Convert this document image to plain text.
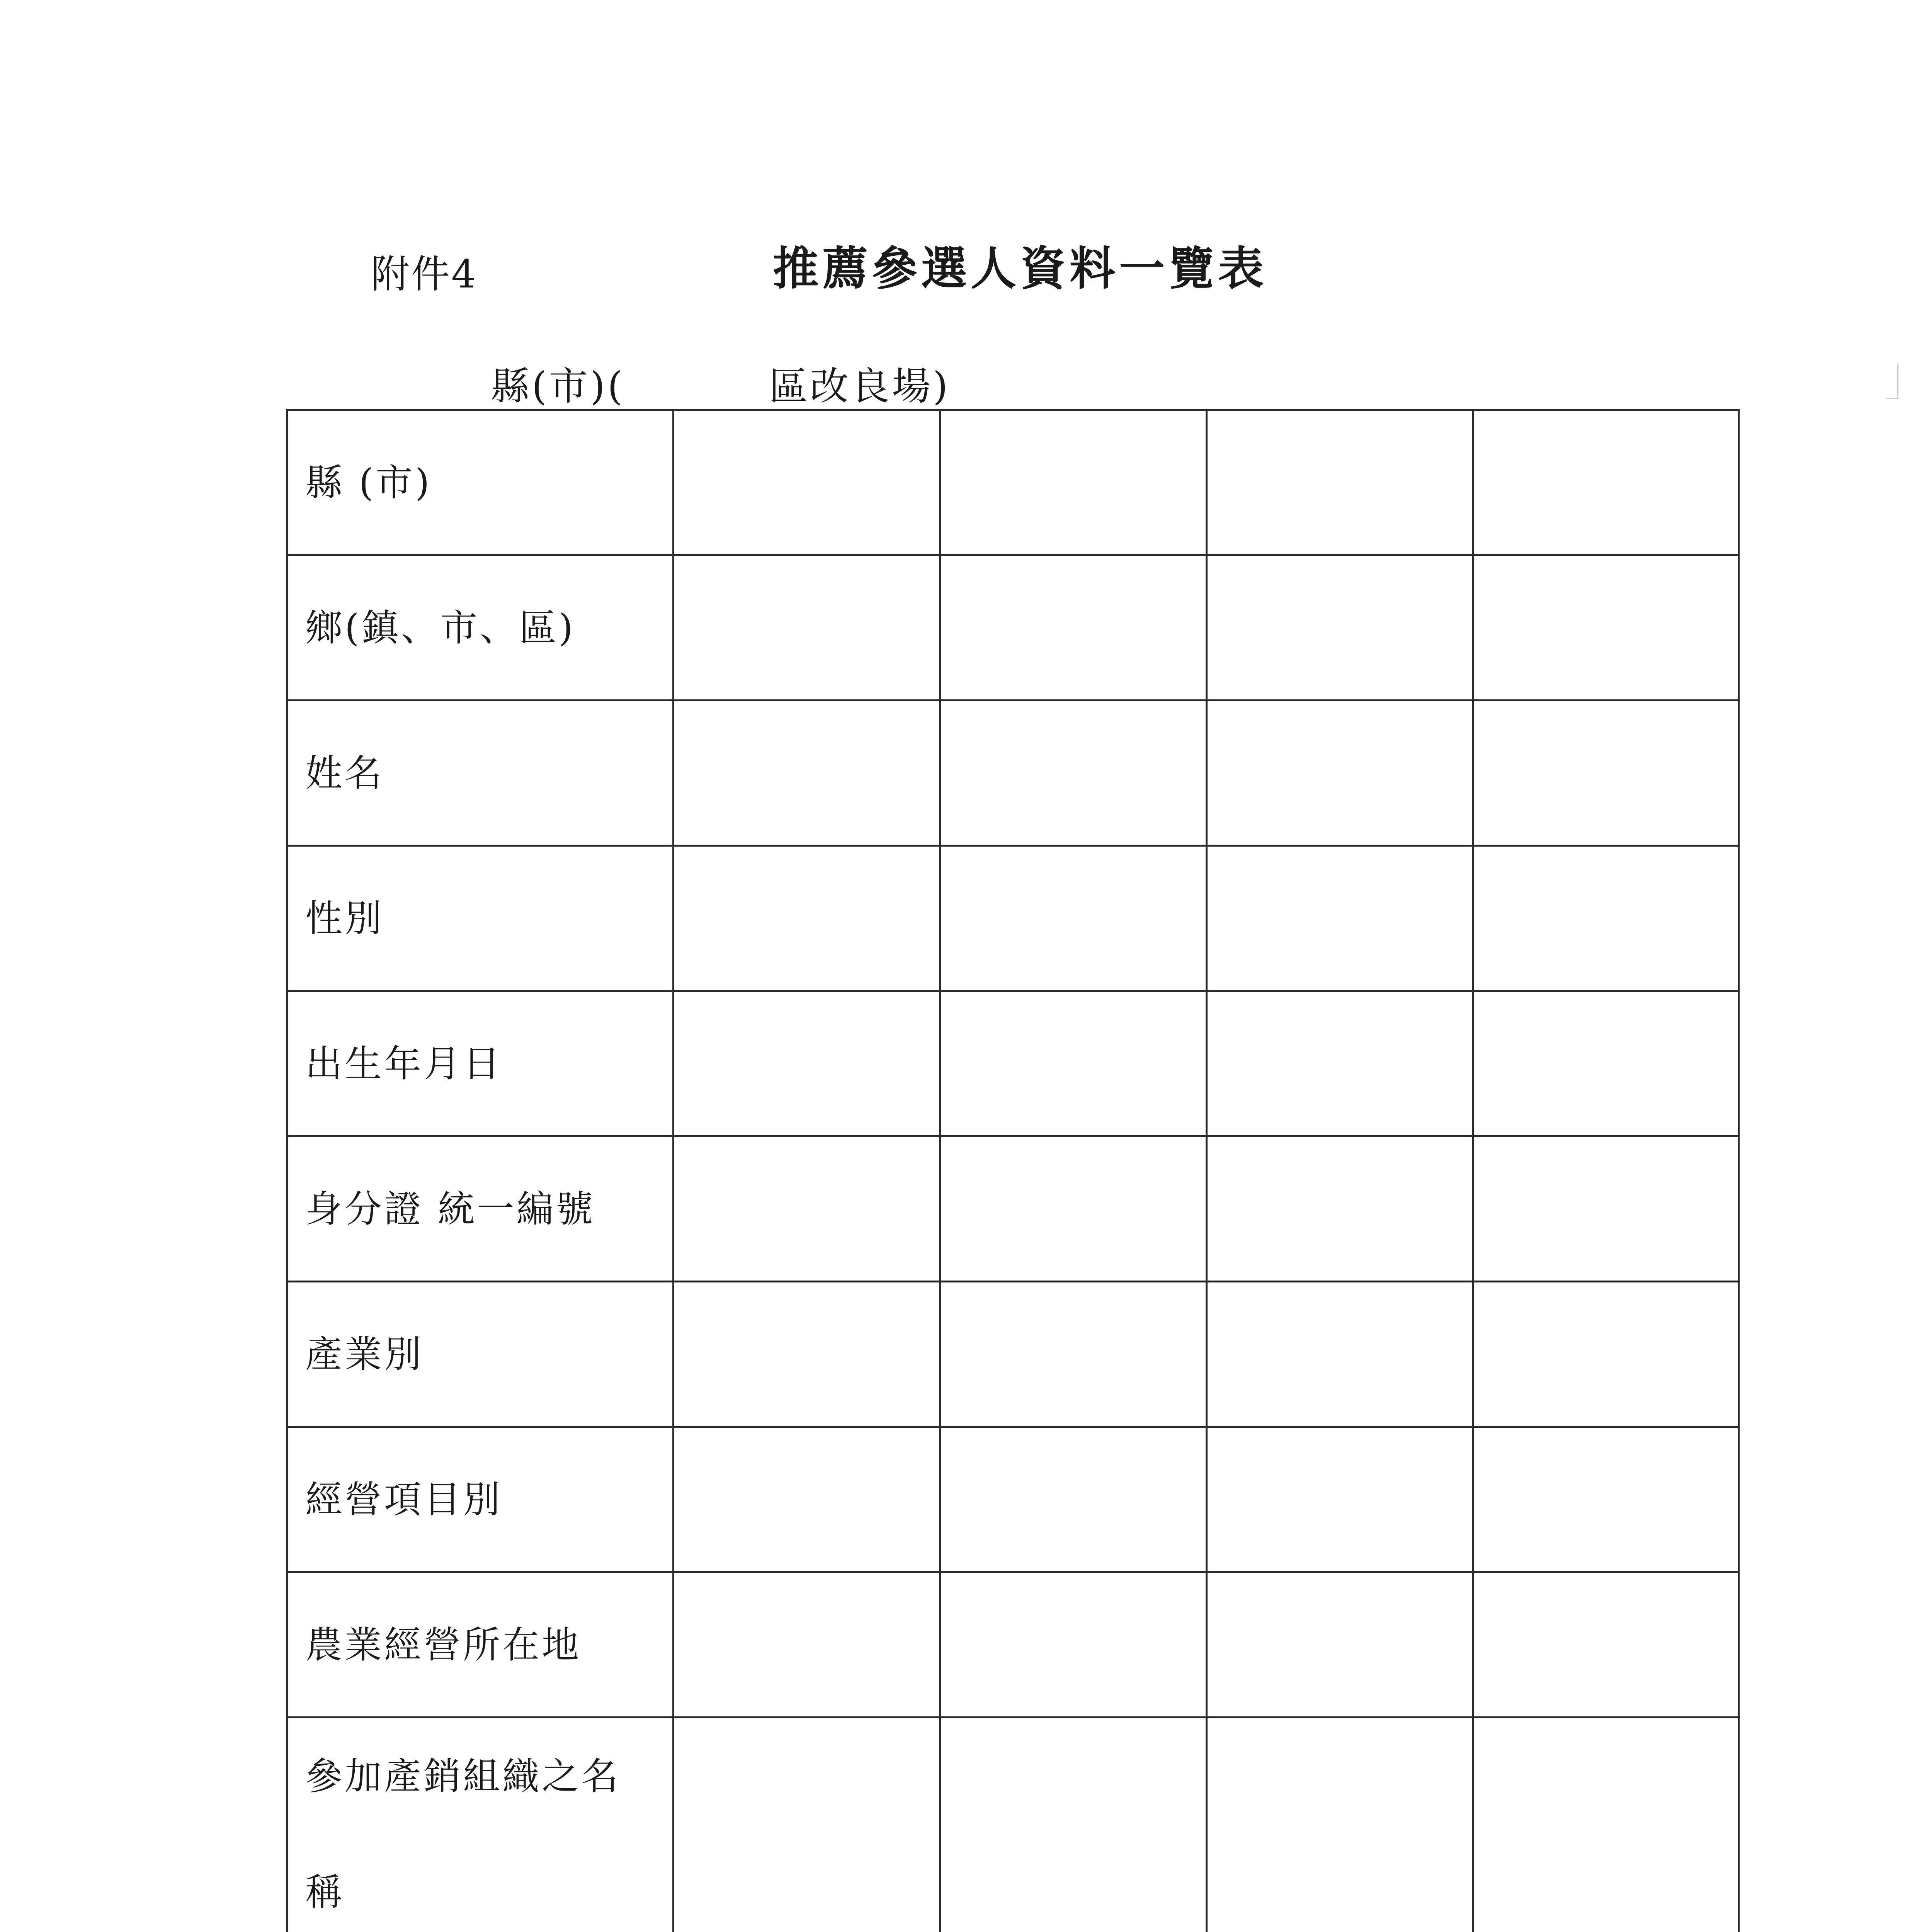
附件4	推薦參選人資料一覽表
縣(市)(	區改良場)
縣 (市)					
鄉(鎮、市、區)					
姓名					
性別					
出生年月日					
身分證 統一編號					
產業別					
經營項目別					
農業經營所在地					

參加產銷組織之名
稱					
